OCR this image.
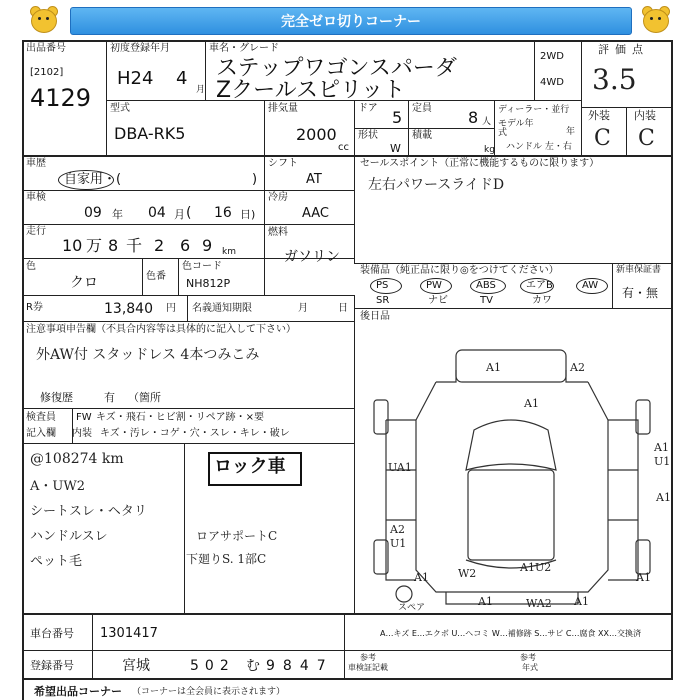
完全ゼロ切りコーナー
出品番号
[2102]
4129
初度登録年月
H24 4
月
車名・グレード
ステップワゴンスパーダ
Zクールスピリット
2WD
4WD
評価点
3.5
外装 内装
C C
型式
DBA-RK5
排気量
2000
cc
ドア 5 定員 8 人
形状
W
積載
kg
ディーラー・並行
モデル年式	年
ハンドル 左・右
車歴
自家用・(	)
シフト
AT
セールスポイント（正常に機能するものに限ります）
左右パワースライドD
車検
09 年 04 月 ( 16 日)
冷房
AAC
走行
10 万 8 千 2 6 9 km
燃料
ガソリン
装備品（純正品に限り◎をつけてください）
PS	PW	ABS	エアB	AW
SR	ナビ	TV	カワ
新車保証書
有・無
色
クロ	色番
色コード
NH812P
R券	13,840 円 名義通知期限	月	日
後日品
注意事項申告欄（不具合内容等は具体的に記入して下さい）
外AW付 スタッドレス 4本つみこみ
修復歴	有 （箇所
検査員
記入欄
FW キズ・飛石・ヒビ割・リペア跡・×要
内装 キズ・汚レ・コゲ・穴・スレ・キレ・破レ
@108274 km
A・UW2
シートスレ・ヘタリ
ハンドルスレ
ペット毛
ロック車
ロアサポートC
下廻りS. 1部C
A1	A2
A1
UA1
A1
U1
A1
A2
U1
A1	W2	A1U2
A1
A1	WA2 A1
スペア
A…キズ E…エクボ U…ヘコミ W…補修跡 S…サビ C…腐食 XX…交換済
車台番号 1301417
登録番号	宮城	502 む 9847
参考
車検証記載
参考
年式
希望出品コーナー （コーナーは全会員に表示されます）
